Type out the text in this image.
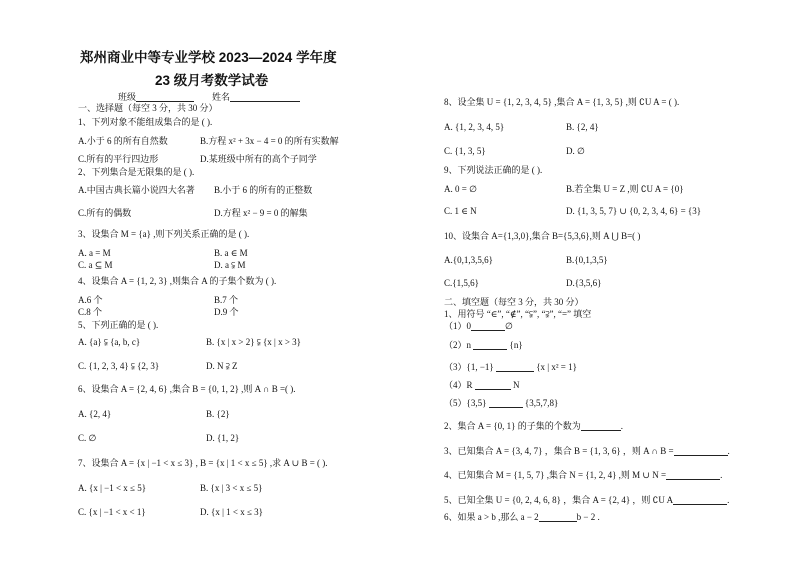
郑州商业中等专业学校 2023—2024 学年度
23 级月考数学试卷
班级	姓名
一、选择题（每空 3 分，共 30 分）
1、下列对象不能组成集合的是 ( ).
A.小于 6 的所有自然数	B.方程 x² + 3x − 4 = 0 的所有实数解
C.所有的平行四边形	D.某班级中所有的高个子同学
2、下列集合是无限集的是 ( ).
A.中国古典长篇小说四大名著 B.小于 6 的所有的正整数
C.所有的偶数	D.方程 x² − 9 = 0 的解集
3、设集合 M = {a} ,则下列关系正确的是 ( ).
A. a = M	B. a ∈ M
C. a ⊆ M	D. a ⫋ M
4、设集合 A = {1, 2, 3} ,则集合 A 的子集个数为 ( ).
A.6 个	B.7 个
C.8 个	D.9 个
5、下列正确的是 ( ).
A. {a} ⫋ {a, b, c}	B. {x | x > 2} ⫋ {x | x > 3}
C. {1, 2, 3, 4} ⫋ {2, 3}	D. N ⫌ Z
6、设集合 A = {2, 4, 6} ,集合 B = {0, 1, 2} ,则 A ∩ B =( ).
A. {2, 4}	B. {2}
C. ∅	D. {1, 2}
7、设集合 A = {x | −1 < x ≤ 3} , B = {x | 1 < x ≤ 5} ,求 A ∪ B = ( ).
A. {x | −1 < x ≤ 5}	B. {x | 3 < x ≤ 5}
C. {x | −1 < x < 1}	D. {x | 1 < x ≤ 3}
8、设全集 U = {1, 2, 3, 4, 5} ,集合 A = {1, 3, 5} ,则 ∁U A = ( ).
A. {1, 2, 3, 4, 5}	B. {2, 4}
C. {1, 3, 5}	D. ∅
9、下列说法正确的是 ( ).
A. 0 = ∅	B.若全集 U = Z ,则 ∁U A = {0}
C. 1 ∈ N	D. {1, 3, 5, 7} ∪ {0, 2, 3, 4, 6} = {3}
10、设集合 A={1,3,0},集合 B={5,3,6},则 A ⋃ B=( )
A.{0,1,3,5,6}	B.{0,1,3,5}
C.{1,5,6}	D.{3,5,6}
二、填空题（每空 3 分，共 30 分）
1、用符号 “∈”, “∉”, “⫋”, “⫌”, “=” 填空
（1）0	∅
（2）n	{n}
（3）{1, −1}	{x | x² = 1}
（4）R	N
（5）{3,5}	{3,5,7,8}
2、集合 A = {0, 1} 的子集的个数为	.
3、已知集合 A = {3, 4, 7} ，集合 B = {1, 3, 6} ，则 A ∩ B =	.
4、已知集合 M = {1, 5, 7} ,集合 N = {1, 2, 4} ,则 M ∪ N =	.
5、已知全集 U = {0, 2, 4, 6, 8} ，集合 A = {2, 4} ，则 ∁U A	.
6、如果 a > b ,那么 a − 2	b − 2 .
